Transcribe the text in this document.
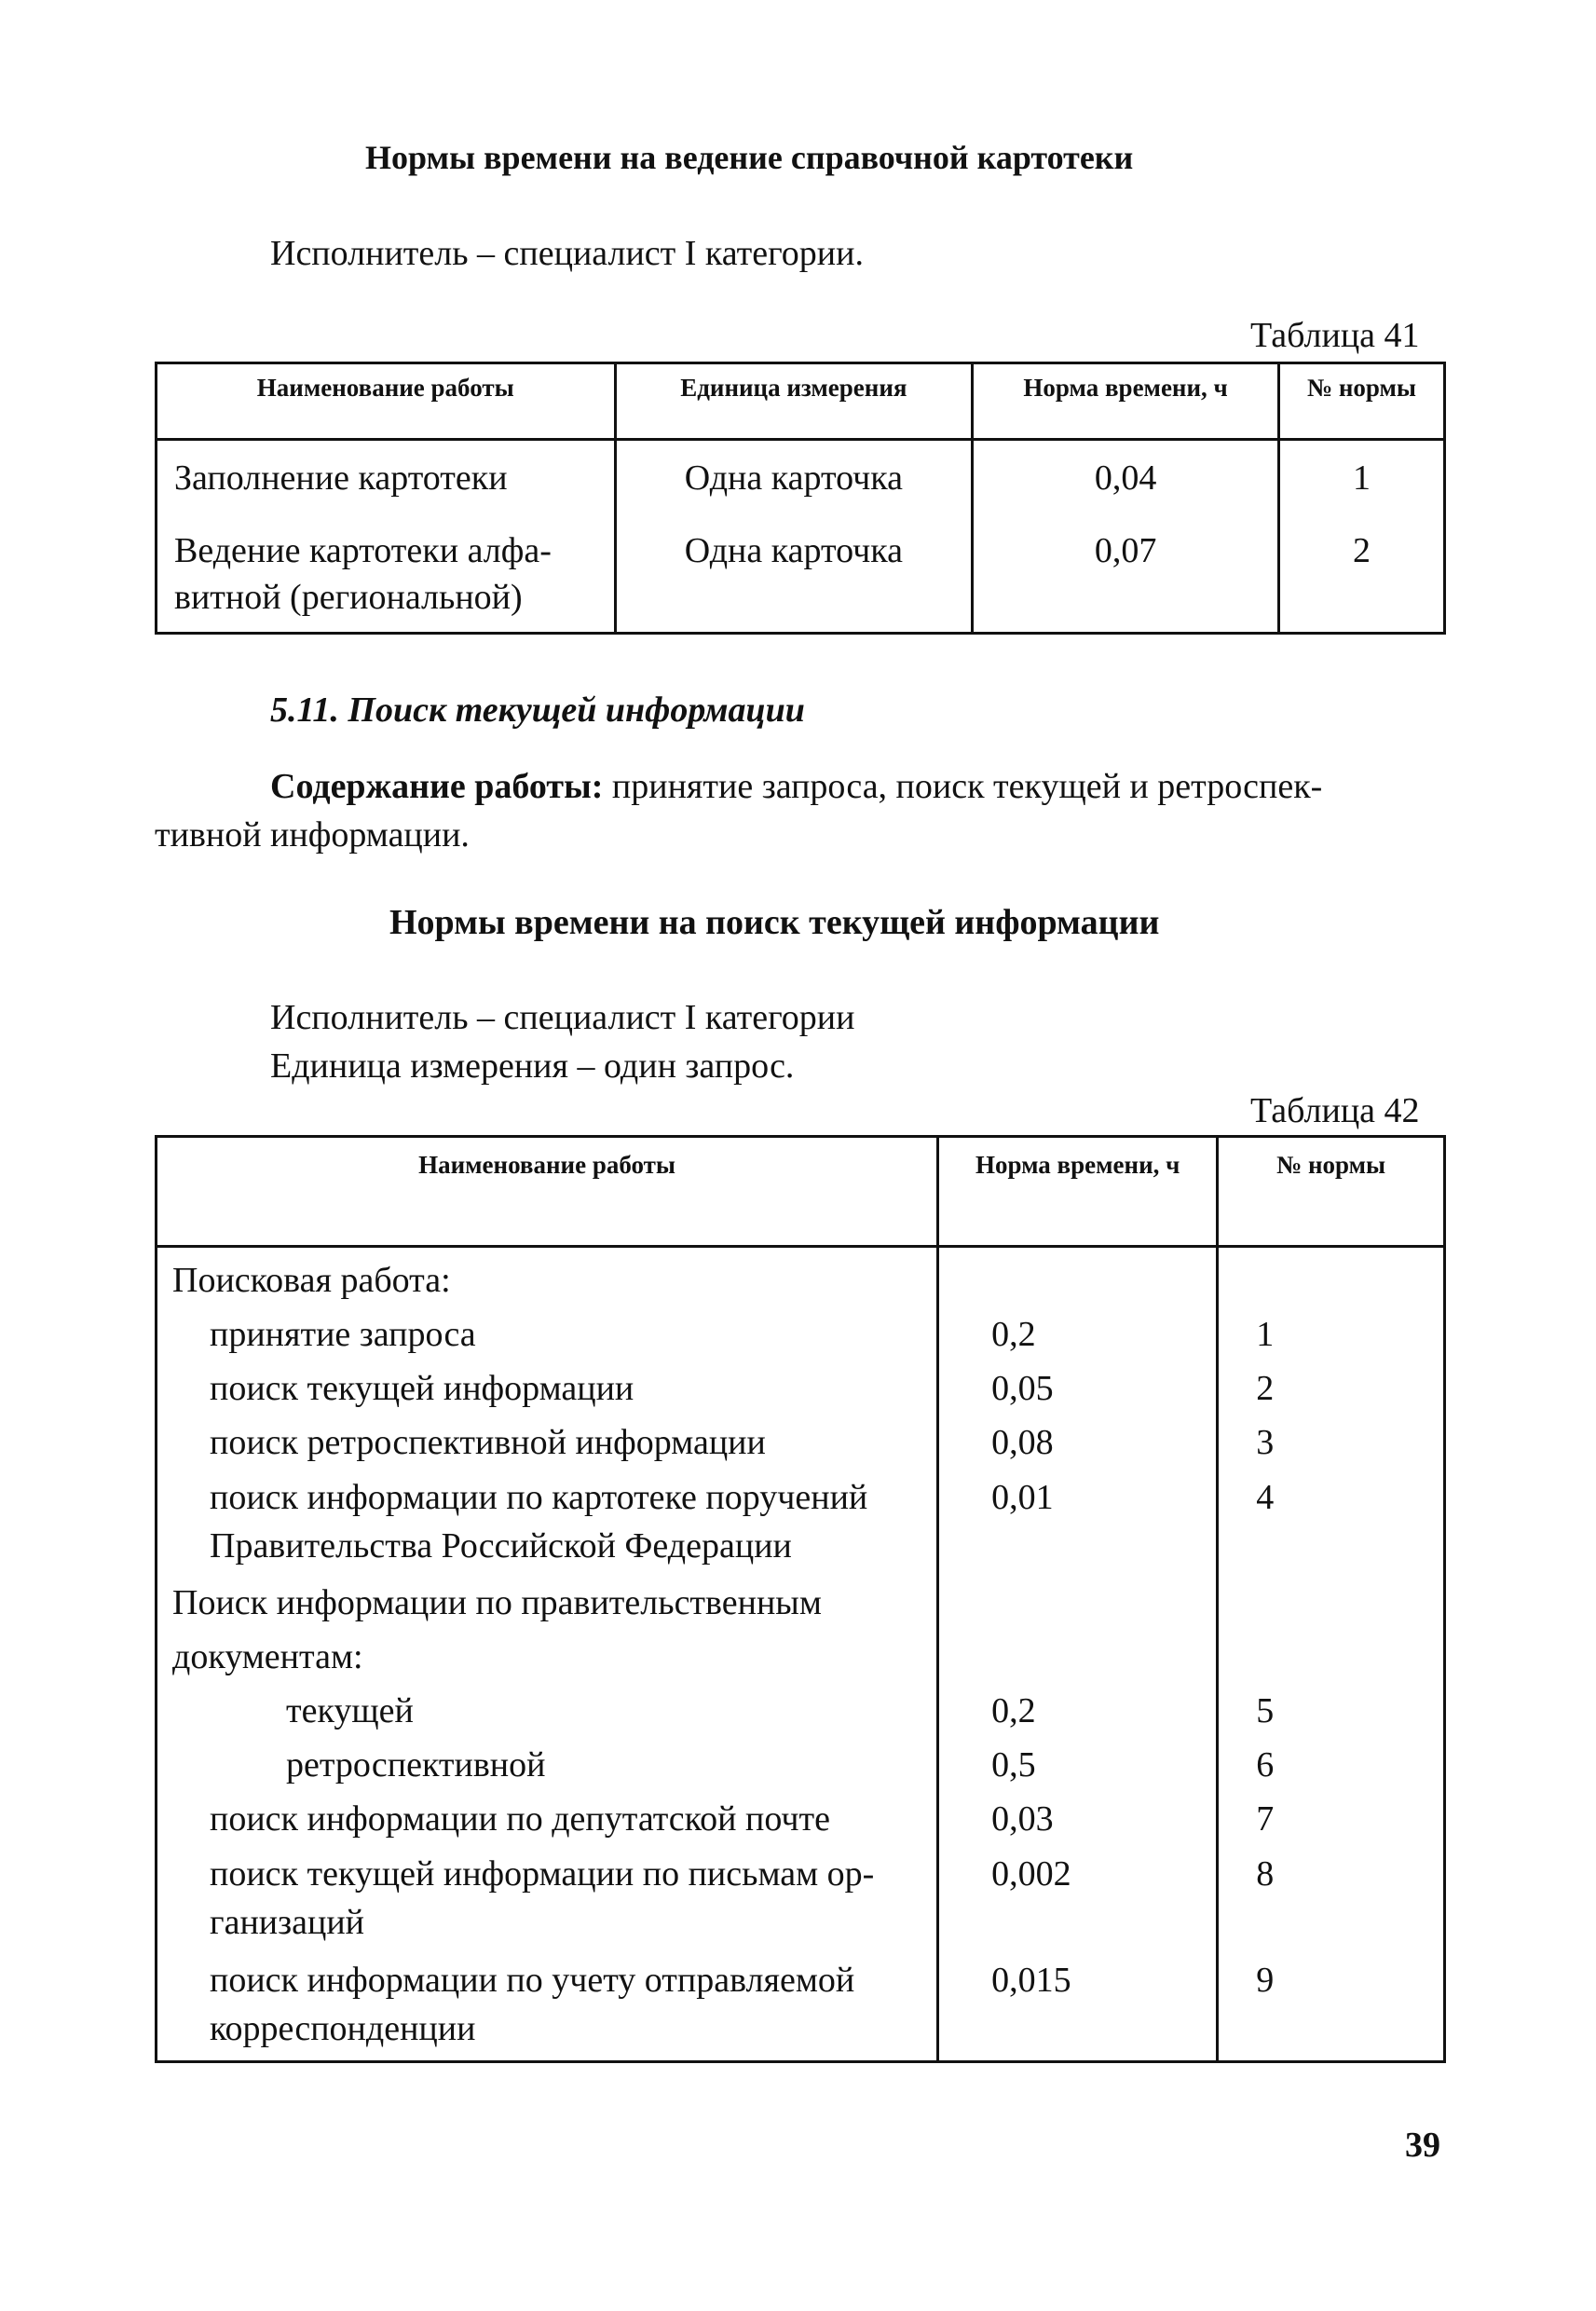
Нормы времени на ведение справочной картотеки
Исполнитель – специалист I категории.
Таблица 41
Наименование работы	Единица измерения	Норма времени, ч	№ нормы
Заполнение картотеки	Одна карточка	0,04	1

Ведение картотеки алфа-
витной (региональной)	Одна карточка	0,07	2
5.11. Поиск текущей информации
Содержание работы: принятие запроса, поиск текущей и ретроспек-
тивной информации.
Нормы времени на поиск текущей информации
Исполнитель – специалист I категории
Единица измерения – один запрос.
Таблица 42
Наименование работы	Норма времени, ч	№ нормы
Поисковая работа:		
принятие запроса	0,2	1
поиск текущей информации	0,05	2
поиск ретроспективной информации	0,08	3

поиск информации по картотеке поручений
Правительства Российской Федерации	0,01	4
Поиск информации по правительственным		
документам:		
текущей	0,2	5
ретроспективной	0,5	6
поиск информации по депутатской почте	0,03	7

поиск текущей информации по письмам ор-
ганизаций	0,002	8

поиск информации по учету отправляемой
корреспонденции	0,015	9
39
